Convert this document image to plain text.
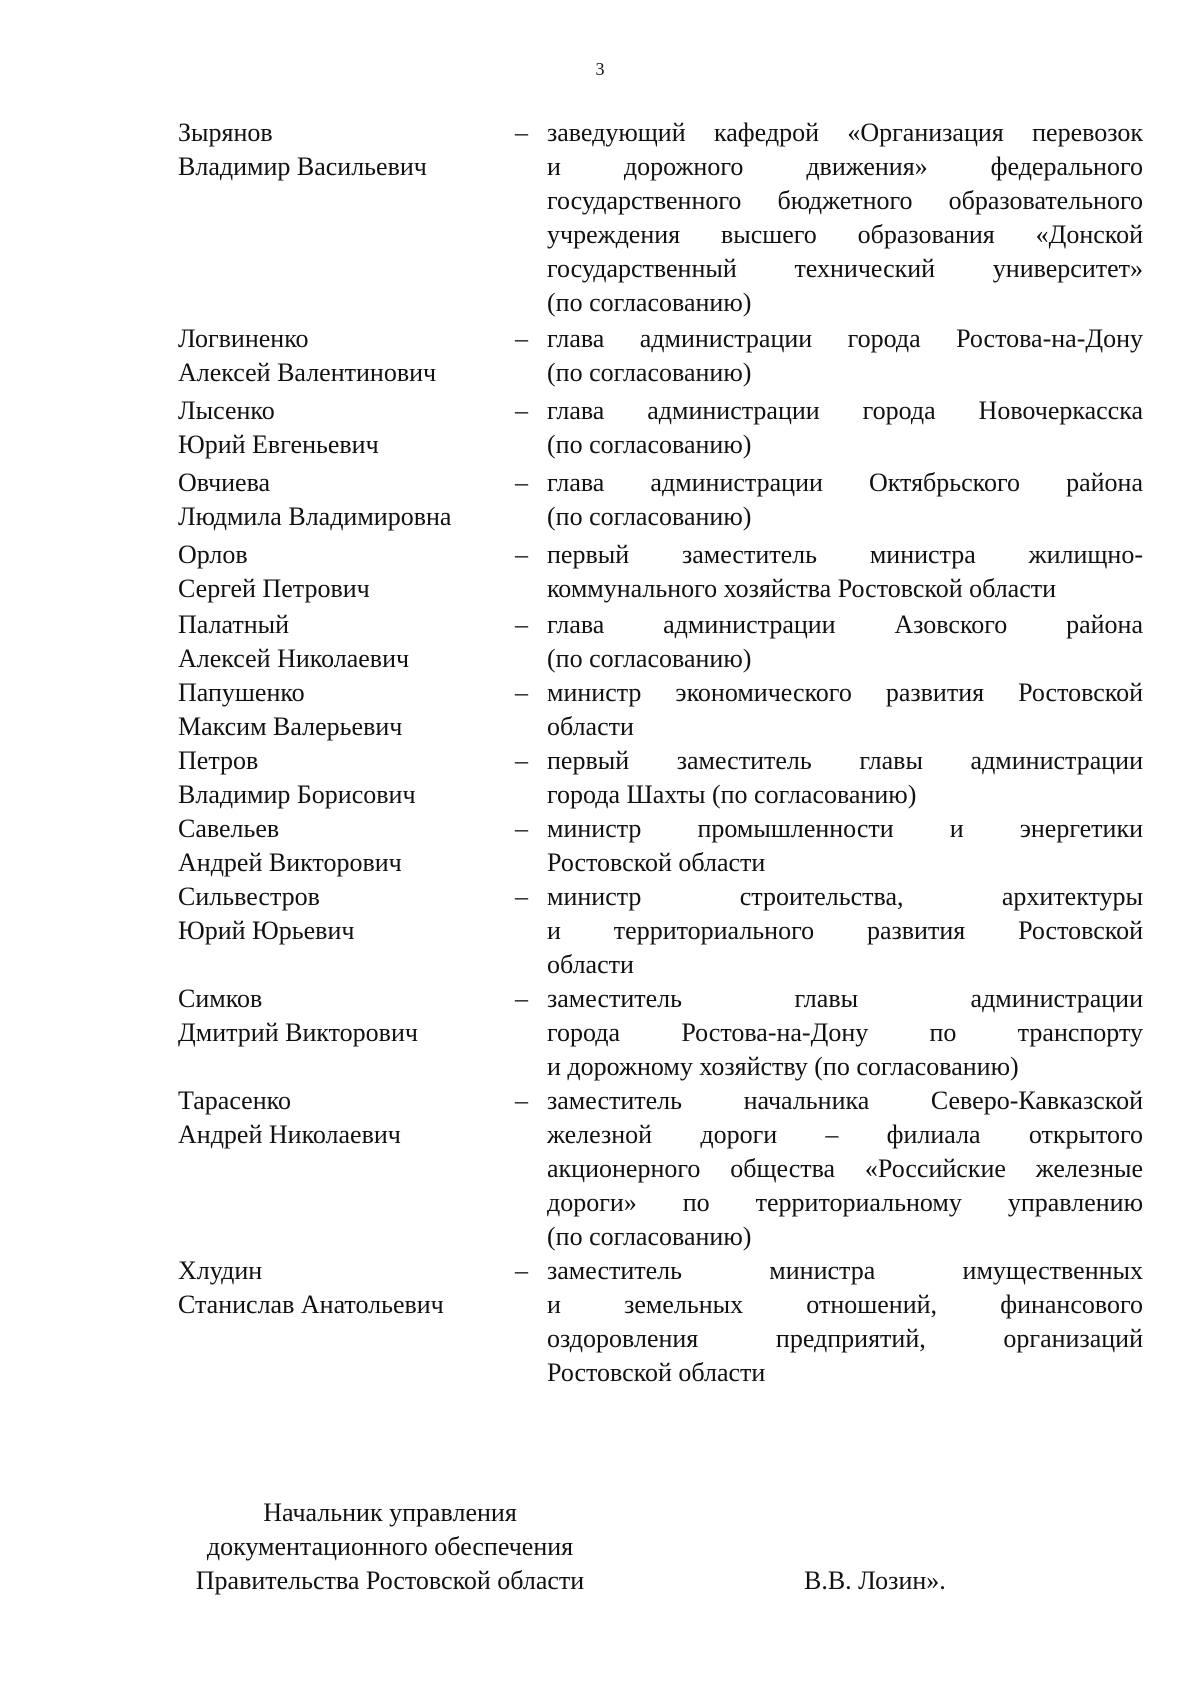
3
Зырянов
Владимир Васильевич
– заведующий кафедрой «Организация перевозок
и дорожного движения» федерального
государственного бюджетного образовательного
учреждения высшего образования «Донской
государственный технический университет»
(по согласованию)
Логвиненко
Алексей Валентинович
– глава администрации города Ростова-на-Дону
(по согласованию)
Лысенко
Юрий Евгеньевич
– глава администрации города Новочеркасска
(по согласованию)
Овчиева
Людмила Владимировна
– глава администрации Октябрьского района
(по согласованию)
Орлов
Сергей Петрович
– первый заместитель министра жилищно-
коммунального хозяйства Ростовской области
Палатный
Алексей Николаевич
– глава администрации Азовского района
(по согласованию)
Папушенко
Максим Валерьевич
– министр экономического развития Ростовской
области
Петров
Владимир Борисович
– первый заместитель главы администрации
города Шахты (по согласованию)
Савельев
Андрей Викторович
– министр промышленности и энергетики
Ростовской области
Сильвестров
Юрий Юрьевич
– министр строительства, архитектуры
и территориального развития Ростовской
области
Симков
Дмитрий Викторович
– заместитель главы администрации
города Ростова-на-Дону по транспорту
и дорожному хозяйству (по согласованию)
Тарасенко
Андрей Николаевич
– заместитель начальника Северо-Кавказской
железной дороги – филиала открытого
акционерного общества «Российские железные
дороги» по территориальному управлению
(по согласованию)
Хлудин
Станислав Анатольевич
– заместитель министра имущественных
и земельных отношений, финансового
оздоровления предприятий, организаций
Ростовской области
Начальник управления
документационного обеспечения
Правительства Ростовской области	В.В. Лозин».
